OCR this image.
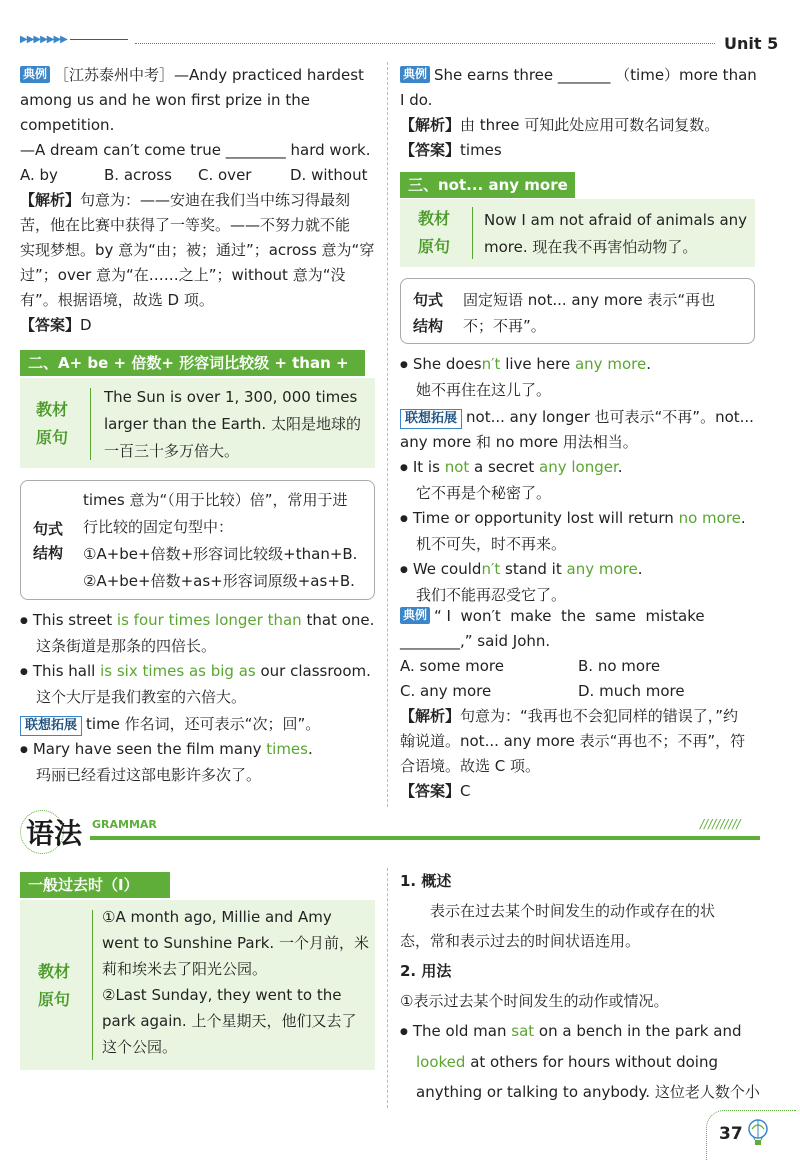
▶▶▶▶▶▶▶	Unit 5
典例 ［江苏泰州中考］—Andy practiced hardest
among us and he won first prize in the
competition.
—A dream can′t come true ________ hard work.
A. by	B. across C. over	D. without
【解析】句意为：——安迪在我们当中练习得最刻
苦，他在比赛中获得了一等奖。——不努力就不能
实现梦想。by 意为“由；被；通过”；across 意为“穿
过”；over 意为“在……之上”；without 意为“没
有”。根据语境，故选 D 项。
【答案】D
二、A+ be + 倍数+ 形容词比较级 + than +
教材
原句
The Sun is over 1, 300, 000 times
larger than the Earth. 太阳是地球的
一百三十多万倍大。
句式
结构
times 意为“（用于比较）倍”，常用于进
行比较的固定句型中：
①A+be+倍数+形容词比较级+than+B.
②A+be+倍数+as+形容词原级+as+B.
● This street is four times longer than that one.
这条街道是那条的四倍长。
● This hall is six times as big as our classroom.
这个大厅是我们教室的六倍大。
联想拓展 time 作名词，还可表示“次；回”。
● Mary have seen the film many times.
玛丽已经看过这部电影许多次了。
典例 She earns three _______ （time）more than
I do.
【解析】由 three 可知此处应用可数名词复数。
【答案】times
三、not... any more
教材
原句
Now I am not afraid of animals any
more. 现在我不再害怕动物了。
句式
结构
固定短语 not... any more 表示“再也
不；不再”。
● She doesn′t live here any more.
她不再住在这儿了。
联想拓展 not... any longer 也可表示“不再”。not...
any more 和 no more 用法相当。
● It is not a secret any longer.
它不再是个秘密了。
● Time or opportunity lost will return no more.
机不可失，时不再来。
● We couldn′t stand it any more.
我们不能再忍受它了。
典例 “ I  won′t  make  the  same  mistake
________,” said John.
A. some more	B. no more
C. any more	D. much more
【解析】句意为：“我再也不会犯同样的错误了，”约
翰说道。not... any more 表示“再也不；不再”，符
合语境。故选 C 项。
【答案】C
语法 GRAMMAR	//////////
一般过去时（Ⅰ）
教材
原句
①A month ago, Millie and Amy
went to Sunshine Park. 一个月前，米
莉和埃米去了阳光公园。
②Last Sunday, they went to the
park again. 上个星期天，他们又去了
这个公园。
1. 概述
表示在过去某个时间发生的动作或存在的状
态，常和表示过去的时间状语连用。
2. 用法
①表示过去某个时间发生的动作或情况。
● The old man sat on a bench in the park and
looked at others for hours without doing
anything or talking to anybody. 这位老人数个小
37
